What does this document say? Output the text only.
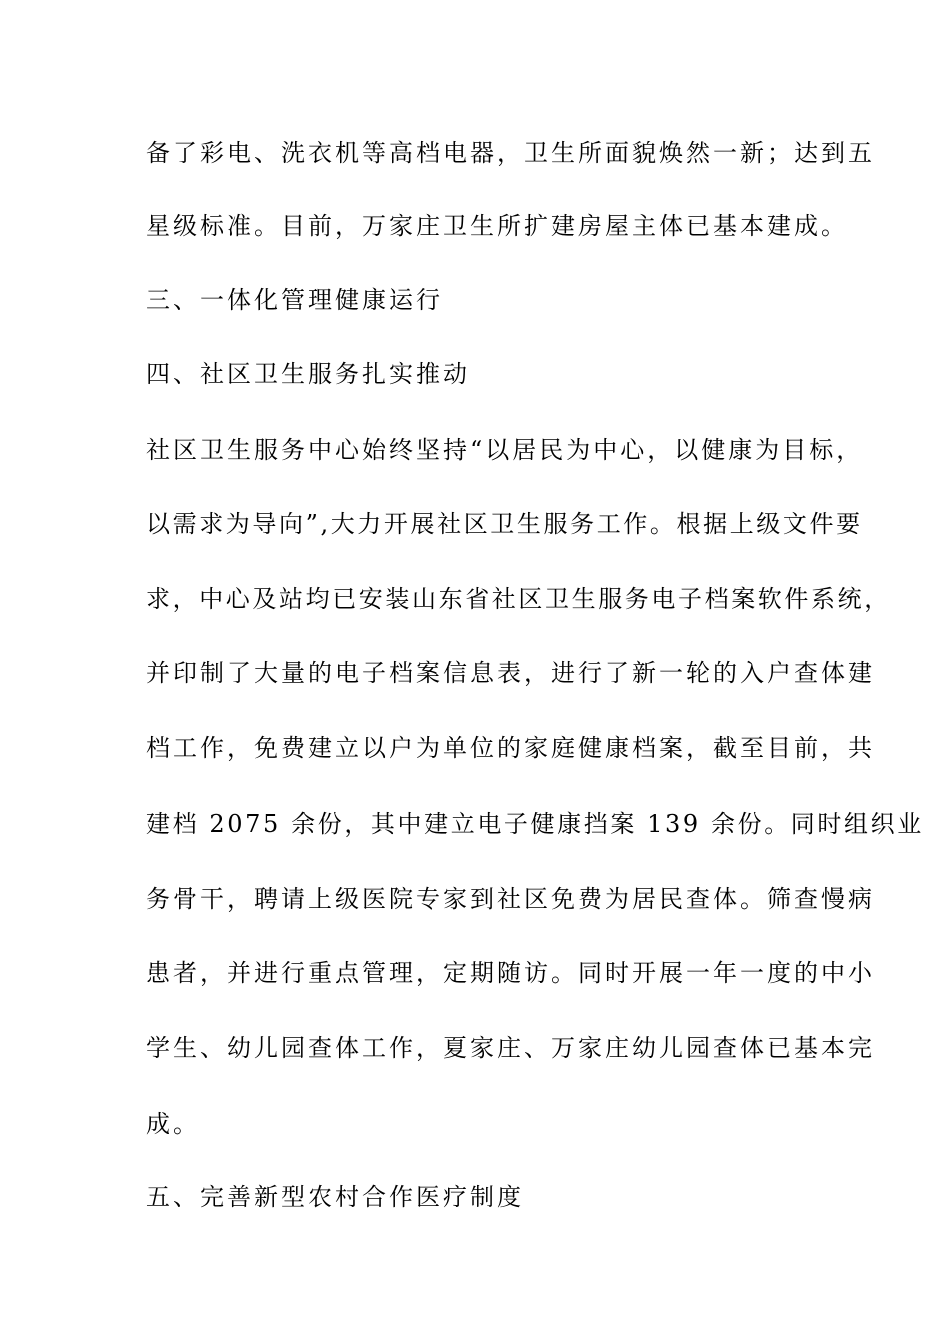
备了彩电、洗衣机等高档电器，卫生所面貌焕然一新；达到五
星级标准。目前，万家庄卫生所扩建房屋主体已基本建成。
三、一体化管理健康运行
四、社区卫生服务扎实推动
社区卫生服务中心始终坚持“以居民为中心，以健康为目标，
以需求为导向”,大力开展社区卫生服务工作。根据上级文件要
求，中心及站均已安装山东省社区卫生服务电子档案软件系统，
并印制了大量的电子档案信息表，进行了新一轮的入户查体建
档工作，免费建立以户为单位的家庭健康档案，截至目前，共
建档 2075 余份，其中建立电子健康挡案 139 余份。同时组织业
务骨干，聘请上级医院专家到社区免费为居民查体。筛查慢病
患者，并进行重点管理，定期随访。同时开展一年一度的中小
学生、幼儿园查体工作，夏家庄、万家庄幼儿园查体已基本完
成。
五、完善新型农村合作医疗制度
